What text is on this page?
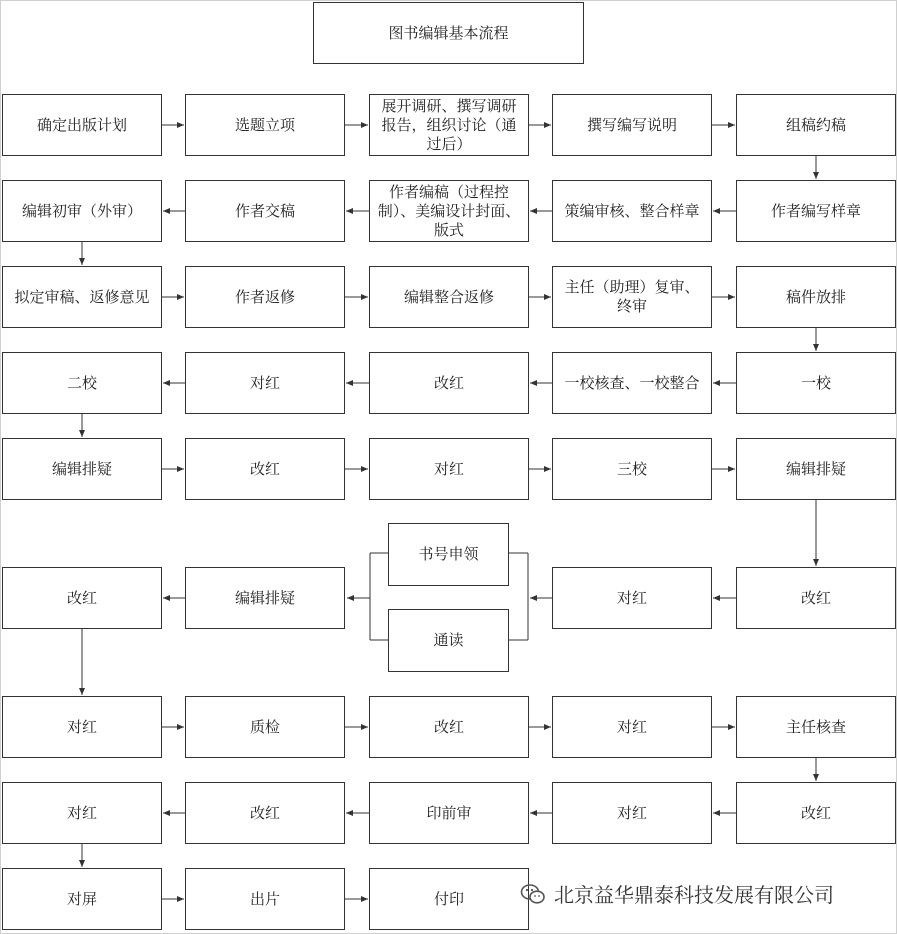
图书编辑基本流程
确定出版计划	选题立项
展开调研、撰写调研报告，组织讨论（通过后）
撰写编写说明	组稿约稿
编辑初审（外审）	作者交稿
作者编稿（过程控制）、美编设计封面、版式
策编审核、整合样章	作者编写样章
拟定审稿、返修意见	作者返修	编辑整合返修
主任（助理）复审、终审
稿件放排
二校	对红	改红	一校核查、一校整合	一校
编辑排疑	改红	对红	三校	编辑排疑
改红	编辑排疑	对红	改红
对红	质检	改红	对红	主任核查
对红	改红	印前审	对红	改红
对屏	出片	付印
书号申领
通读
北京益华鼎泰科技发展有限公司
